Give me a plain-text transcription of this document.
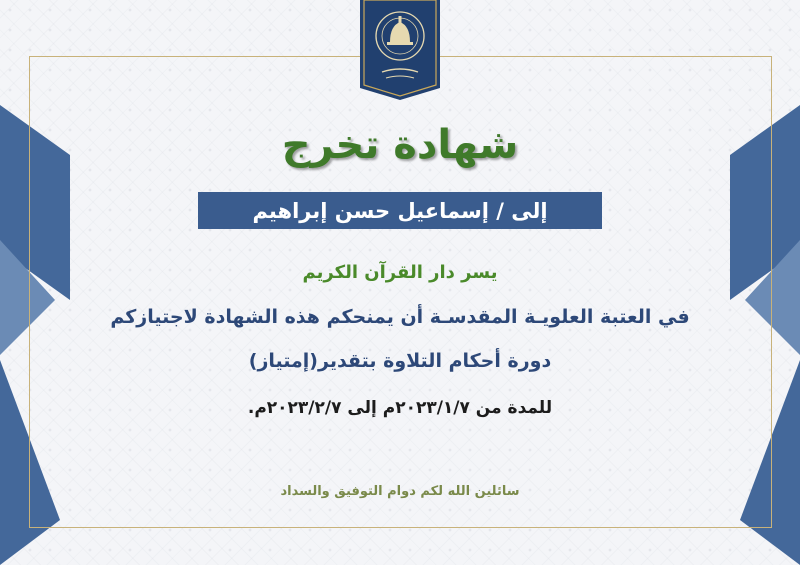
شهادة تخرج
إلى / إسماعيل حسن إبراهيم
يسر دار القرآن الكريم
في العتبة العلويـة المقدسـة أن يمنحكم هذه الشهادة لاجتيازكم
دورة أحكام التلاوة بتقدير(إمتياز)
للمدة من ٢٠٢٣/١/٧م إلى ٢٠٢٣/٢/٧م.
سائلين الله لكم دوام التوفيق والسداد
